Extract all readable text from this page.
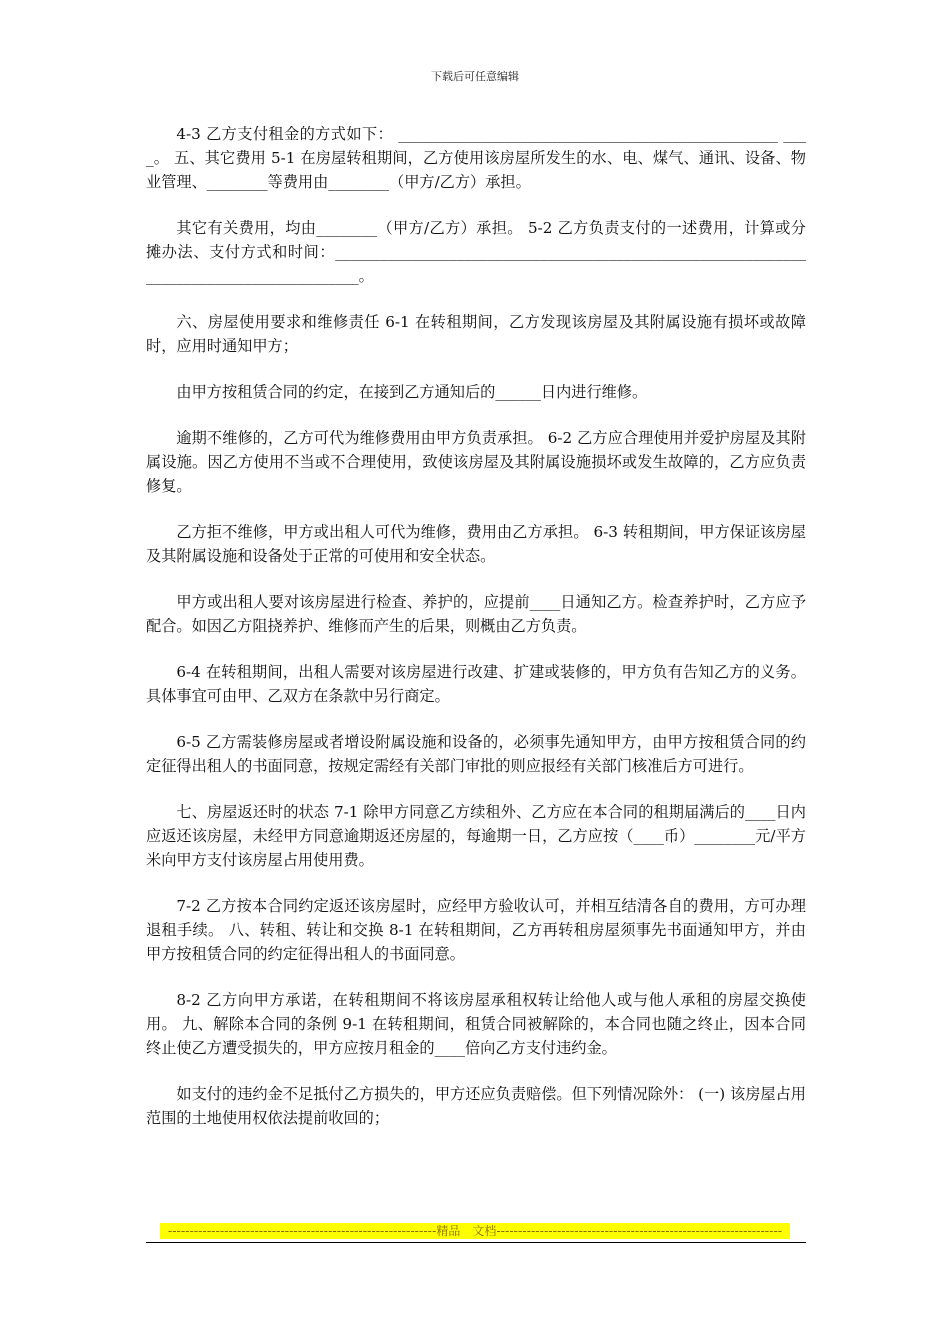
下载后可任意编辑

4-3 乙方支付租金的方式如下： __________________________________________________ ____。 五、其它费用 5-1 在房屋转租期间，乙方使用该房屋所发生的水、电、煤气、通讯、设备、物业管理、________等费用由________（甲方/乙方）承担。

其它有关费用，均由________（甲方/乙方）承担。 5-2 乙方负责支付的一述费用，计算或分摊办法、支付方式和时间：__________________________________________________________________________________________。

六、房屋使用要求和维修责任 6-1 在转租期间，乙方发现该房屋及其附属设施有损坏或故障时，应用时通知甲方；

由甲方按租赁合同的约定，在接到乙方通知后的______日内进行维修。

逾期不维修的，乙方可代为维修费用由甲方负责承担。 6-2 乙方应合理使用并爱护房屋及其附属设施。因乙方使用不当或不合理使用，致使该房屋及其附属设施损坏或发生故障的，乙方应负责修复。

乙方拒不维修，甲方或出租人可代为维修，费用由乙方承担。 6-3 转租期间，甲方保证该房屋及其附属设施和设备处于正常的可使用和安全状态。

甲方或出租人要对该房屋进行检查、养护的，应提前____日通知乙方。检查养护时，乙方应予配合。如因乙方阻挠养护、维修而产生的后果，则概由乙方负责。

6-4 在转租期间，出租人需要对该房屋进行改建、扩建或装修的，甲方负有告知乙方的义务。具体事宜可由甲、乙双方在条款中另行商定。

6-5 乙方需装修房屋或者增设附属设施和设备的，必须事先通知甲方，由甲方按租赁合同的约定征得出租人的书面同意，按规定需经有关部门审批的则应报经有关部门核准后方可进行。

七、房屋返还时的状态 7-1 除甲方同意乙方续租外、乙方应在本合同的租期届满后的____日内应返还该房屋，未经甲方同意逾期返还房屋的，每逾期一日，乙方应按（____币）________元/平方米向甲方支付该房屋占用使用费。

7-2 乙方按本合同约定返还该房屋时，应经甲方验收认可，并相互结清各自的费用，方可办理退租手续。 八、转租、转让和交换 8-1 在转租期间，乙方再转租房屋须事先书面通知甲方，并由甲方按租赁合同的约定征得出租人的书面同意。

8-2 乙方向甲方承诺，在转租期间不将该房屋承租权转让给他人或与他人承租的房屋交换使用。 九、解除本合同的条例 9-1 在转租期间，租赁合同被解除的，本合同也随之终止，因本合同终止使乙方遭受损失的，甲方应按月租金的____倍向乙方支付违约金。

如支付的违约金不足抵付乙方损失的，甲方还应负责赔偿。但下列情况除外： (一) 该房屋占用范围的土地使用权依法提前收回的；

--------------------------------------------------------------精品　文档------------------------------------------------------------------
